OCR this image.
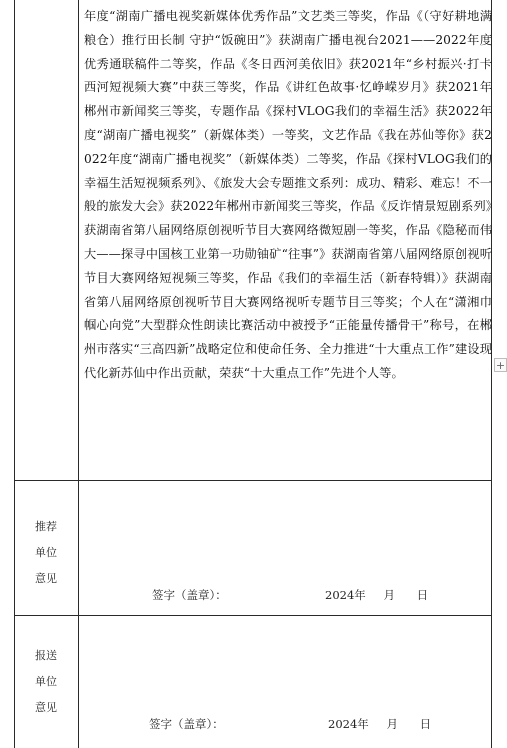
年度“湖南广播电视奖新媒体优秀作品”文艺类三等奖，作品《（守好耕地满粮仓）推行田长制 守护“饭碗田”》获湖南广播电视台2021——2022年度优秀通联稿件二等奖，作品《冬日西河美依旧》获2021年“乡村振兴·打卡西河短视频大赛”中获三等奖，作品《讲红色故事·忆峥嵘岁月》获2021年郴州市新闻奖三等奖，专题作品《探村VLOG我们的幸福生活》获2022年度“湖南广播电视奖”（新媒体类）一等奖，文艺作品《我在苏仙等你》获2022年度“湖南广播电视奖”（新媒体类）二等奖，作品《探村VLOG我们的幸福生活短视频系列》、《旅发大会专题推文系列：成功、精彩、难忘！不一般的旅发大会》获2022年郴州市新闻奖三等奖，作品《反诈情景短剧系列》获湖南省第八届网络原创视听节目大赛网络微短剧一等奖，作品《隐秘而伟大——探寻中国核工业第一功勋铀矿“往事”》获湖南省第八届网络原创视听节目大赛网络短视频三等奖，作品《我们的幸福生活（新春特辑）》获湖南省第八届网络原创视听节目大赛网络视听专题节目三等奖；个人在“潇湘巾帼心向党”大型群众性朗读比赛活动中被授予“正能量传播骨干”称号，在郴州市落实“三高四新”战略定位和使命任务、全力推进“十大重点工作”建设现代化新苏仙中作出贡献，荣获“十大重点工作”先进个人等。
+
推荐
单位
意见
签字（盖章）：	2024年 月 日
报送
单位
意见
签字（盖章）：	2024年 月 日
